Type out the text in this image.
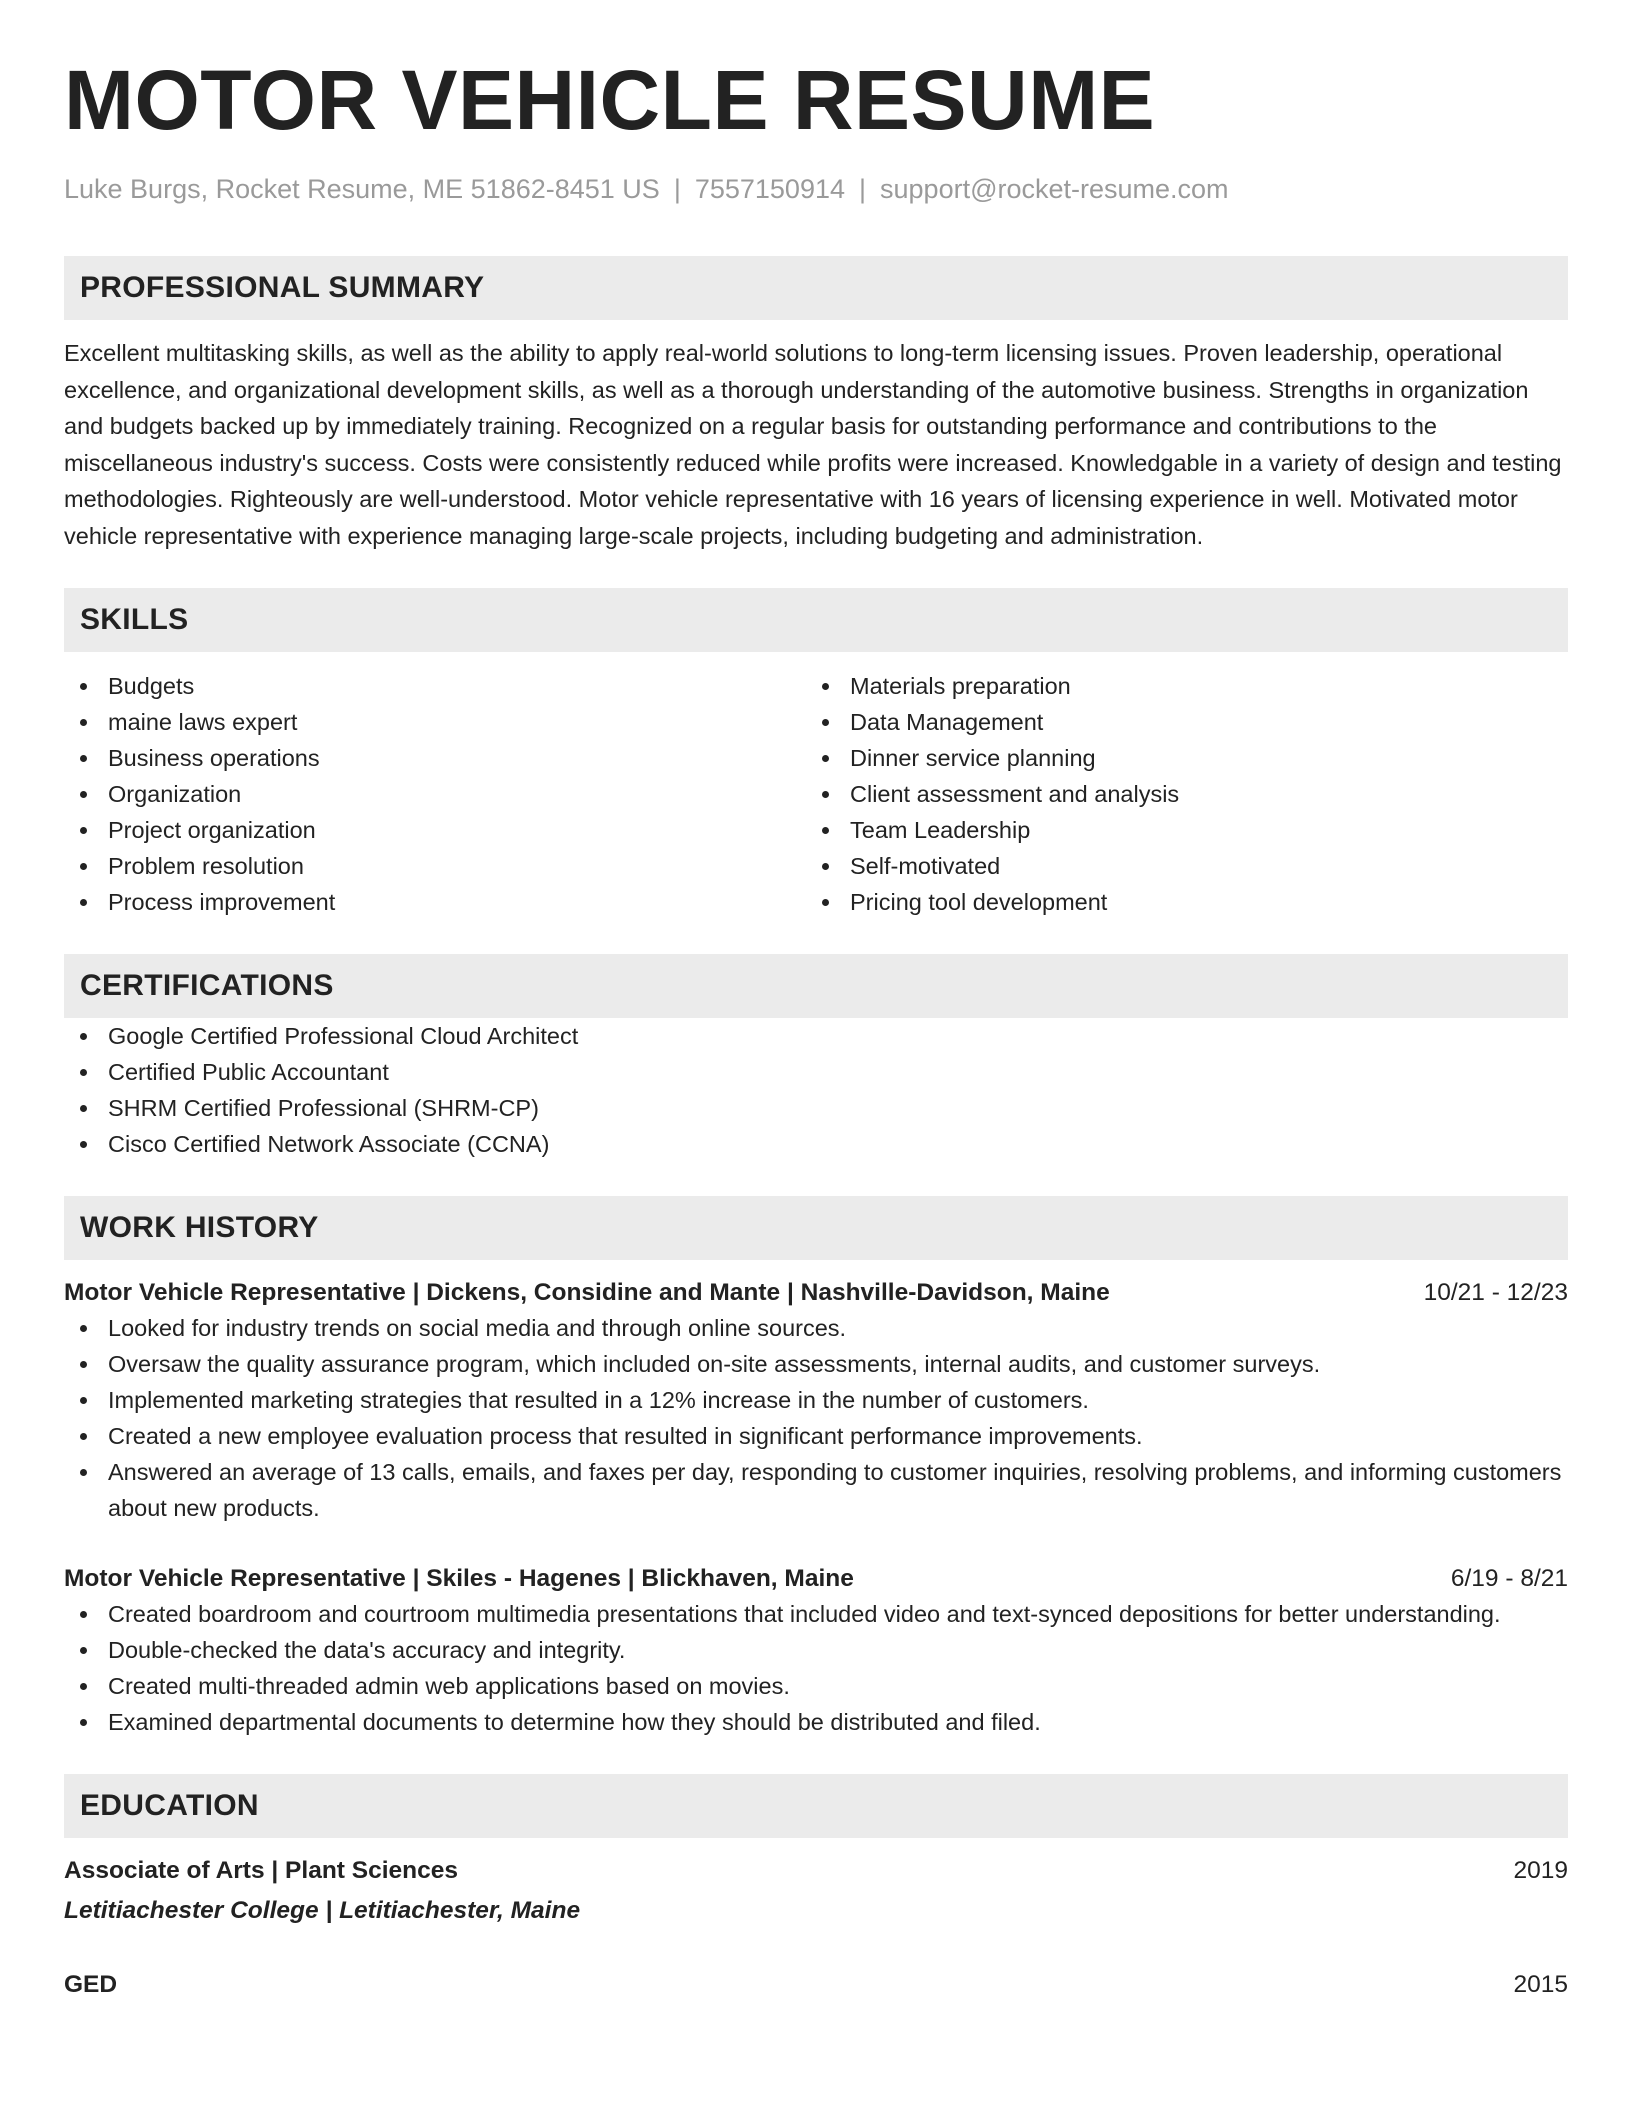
MOTOR VEHICLE RESUME
Luke Burgs, Rocket Resume, ME 51862-8451 US | 7557150914 | support@rocket-resume.com
PROFESSIONAL SUMMARY

Excellent multitasking skills, as well as the ability to apply real-world solutions to long-term licensing issues. Proven leadership, operational excellence, and organizational development skills, as well as a thorough understanding of the automotive business. Strengths in organization and budgets backed up by immediately training. Recognized on a regular basis for outstanding performance and contributions to the miscellaneous industry's success. Costs were consistently reduced while profits were increased. Knowledgable in a variety of design and testing methodologies. Righteously are well-understood. Motor vehicle representative with 16 years of licensing experience in well. Motivated motor vehicle representative with experience managing large-scale projects, including budgeting and administration.

SKILLS
Budgets
maine laws expert
Business operations
Organization
Project organization
Problem resolution
Process improvement
Materials preparation
Data Management
Dinner service planning
Client assessment and analysis
Team Leadership
Self-motivated
Pricing tool development
CERTIFICATIONS
Google Certified Professional Cloud Architect
Certified Public Accountant
SHRM Certified Professional (SHRM-CP)
Cisco Certified Network Associate (CCNA)
WORK HISTORY
Motor Vehicle Representative | Dickens, Considine and Mante | Nashville-Davidson, Maine	10/21 - 12/23
Looked for industry trends on social media and through online sources.
Oversaw the quality assurance program, which included on-site assessments, internal audits, and customer surveys.
Implemented marketing strategies that resulted in a 12% increase in the number of customers.
Created a new employee evaluation process that resulted in significant performance improvements.
Answered an average of 13 calls, emails, and faxes per day, responding to customer inquiries, resolving problems, and informing customers about new products.
Motor Vehicle Representative | Skiles - Hagenes | Blickhaven, Maine	6/19 - 8/21
Created boardroom and courtroom multimedia presentations that included video and text-synced depositions for better understanding.
Double-checked the data's accuracy and integrity.
Created multi-threaded admin web applications based on movies.
Examined departmental documents to determine how they should be distributed and filed.
EDUCATION
Associate of Arts | Plant Sciences	2019
Letitiachester College | Letitiachester, Maine
GED	2015
